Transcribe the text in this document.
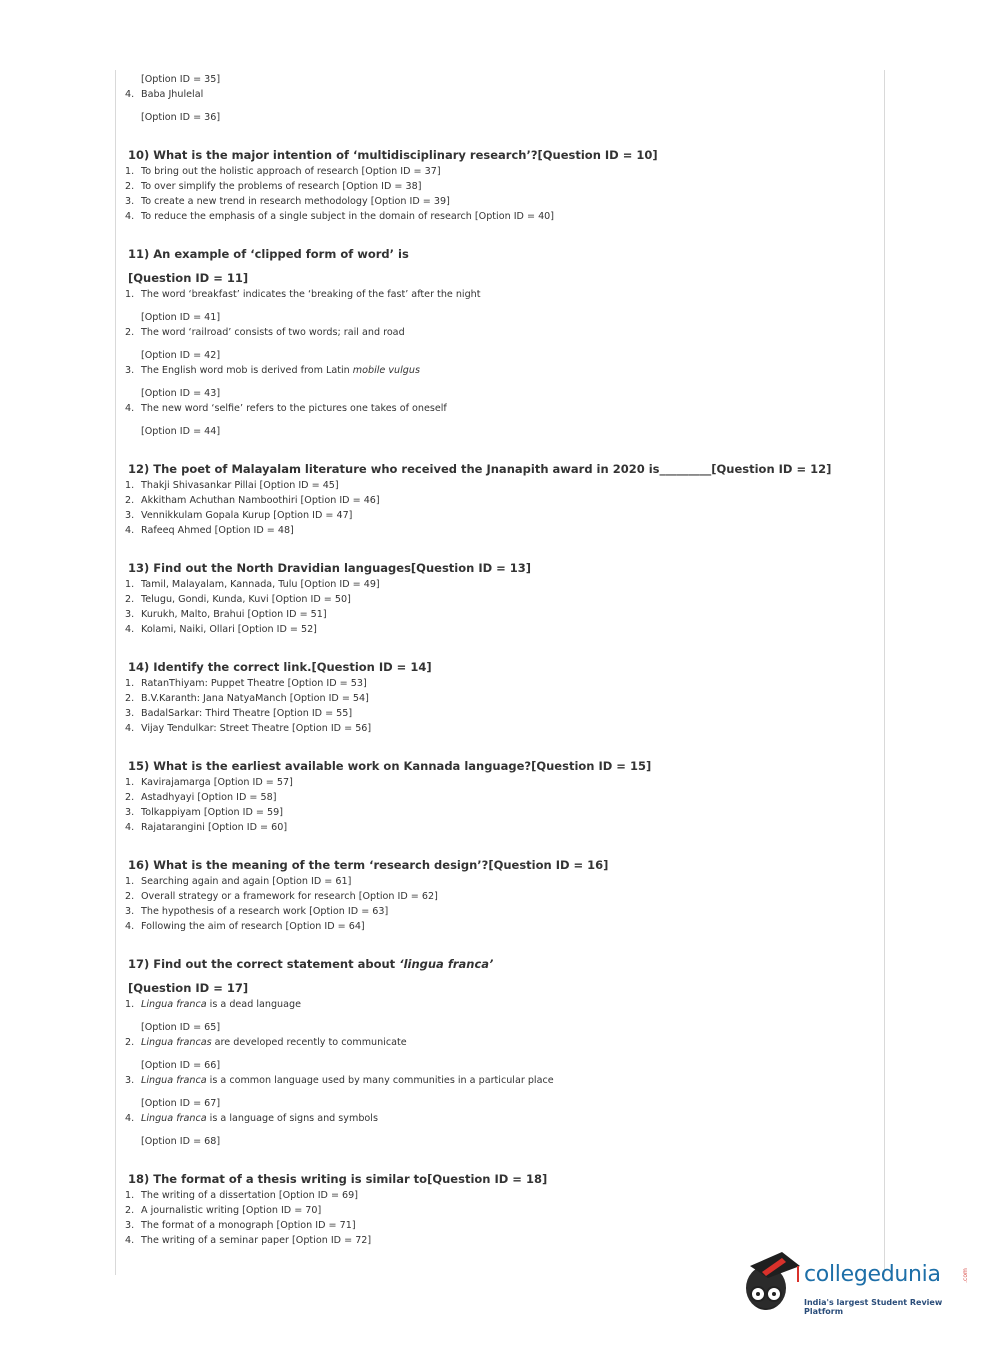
[Option ID = 35]
4. Baba Jhulelal
[Option ID = 36]
10) What is the major intention of ‘multidisciplinary research’?[Question ID = 10]
1. To bring out the holistic approach of research [Option ID = 37]
2. To over simplify the problems of research [Option ID = 38]
3. To create a new trend in research methodology [Option ID = 39]
4. To reduce the emphasis of a single subject in the domain of research [Option ID = 40]
11) An example of ‘clipped form of word’ is
[Question ID = 11]
1. The word ‘breakfast’ indicates the ‘breaking of the fast’ after the night
[Option ID = 41]
2. The word ‘railroad’ consists of two words; rail and road
[Option ID = 42]
3. The English word mob is derived from Latin mobile vulgus
[Option ID = 43]
4. The new word ‘selfie’ refers to the pictures one takes of oneself
[Option ID = 44]
12) The poet of Malayalam literature who received the Jnanapith award in 2020 is_________[Question ID = 12]
1. Thakji Shivasankar Pillai [Option ID = 45]
2. Akkitham Achuthan Namboothiri [Option ID = 46]
3. Vennikkulam Gopala Kurup [Option ID = 47]
4. Rafeeq Ahmed [Option ID = 48]
13) Find out the North Dravidian languages[Question ID = 13]
1. Tamil, Malayalam, Kannada, Tulu [Option ID = 49]
2. Telugu, Gondi, Kunda, Kuvi [Option ID = 50]
3. Kurukh, Malto, Brahui [Option ID = 51]
4. Kolami, Naiki, Ollari [Option ID = 52]
14) Identify the correct link.[Question ID = 14]
1. RatanThiyam: Puppet Theatre [Option ID = 53]
2. B.V.Karanth: Jana NatyaManch [Option ID = 54]
3. BadalSarkar: Third Theatre [Option ID = 55]
4. Vijay Tendulkar: Street Theatre [Option ID = 56]
15) What is the earliest available work on Kannada language?[Question ID = 15]
1. Kavirajamarga [Option ID = 57]
2. Astadhyayi [Option ID = 58]
3. Tolkappiyam [Option ID = 59]
4. Rajatarangini [Option ID = 60]
16) What is the meaning of the term ‘research design’?[Question ID = 16]
1. Searching again and again [Option ID = 61]
2. Overall strategy or a framework for research [Option ID = 62]
3. The hypothesis of a research work [Option ID = 63]
4. Following the aim of research [Option ID = 64]
17) Find out the correct statement about ‘lingua franca’
[Question ID = 17]
1. Lingua franca is a dead language
[Option ID = 65]
2. Lingua francas are developed recently to communicate
[Option ID = 66]
3. Lingua franca is a common language used by many communities in a particular place
[Option ID = 67]
4. Lingua franca is a language of signs and symbols
[Option ID = 68]
18) The format of a thesis writing is similar to[Question ID = 18]
1. The writing of a dissertation [Option ID = 69]
2. A journalistic writing [Option ID = 70]
3. The format of a monograph [Option ID = 71]
4. The writing of a seminar paper [Option ID = 72]
collegedunia	.com
India's largest Student Review Platform
